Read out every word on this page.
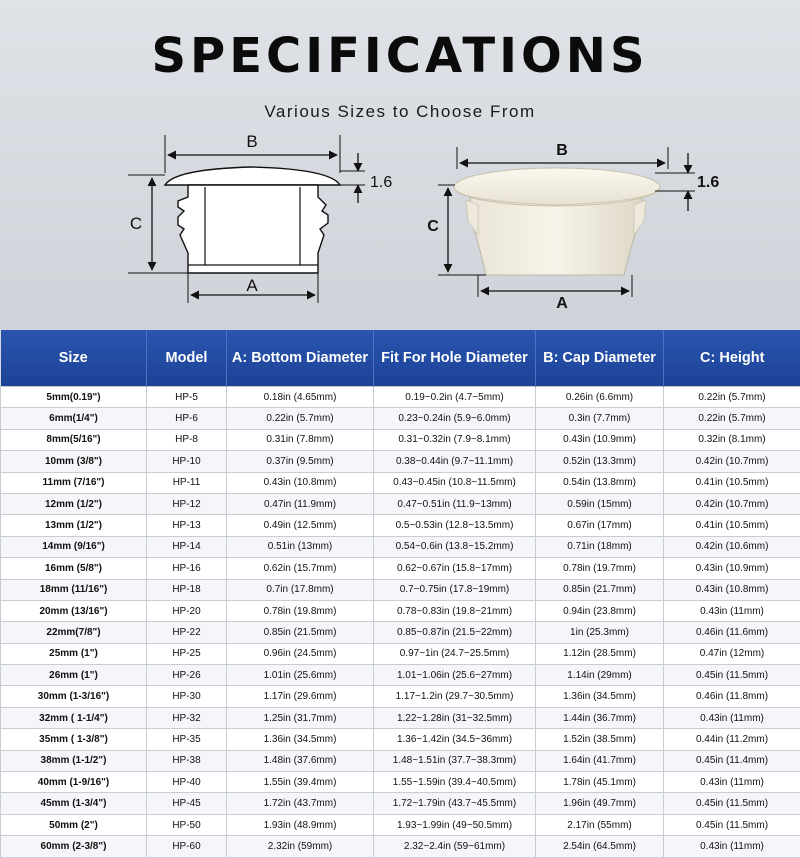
SPECIFICATIONS
Various Sizes to Choose From
B
C
A
1.6
B
C
A
1.6
Size	Model	A: Bottom Diameter	Fit For Hole Diameter	B: Cap Diameter	C: Height
5mm(0.19")	HP-5	0.18in (4.65mm)	0.19~0.2in (4.7~5mm)	0.26in (6.6mm)	0.22in (5.7mm)
6mm(1/4")	HP-6	0.22in (5.7mm)	0.23~0.24in (5.9~6.0mm)	0.3in (7.7mm)	0.22in (5.7mm)
8mm(5/16")	HP-8	0.31in (7.8mm)	0.31~0.32in (7.9~8.1mm)	0.43in (10.9mm)	0.32in (8.1mm)
10mm (3/8")	HP-10	0.37in (9.5mm)	0.38~0.44in (9.7~11.1mm)	0.52in (13.3mm)	0.42in (10.7mm)
11mm (7/16")	HP-11	0.43in (10.8mm)	0.43~0.45in (10.8~11.5mm)	0.54in (13.8mm)	0.41in (10.5mm)
12mm (1/2")	HP-12	0.47in (11.9mm)	0.47~0.51in (11.9~13mm)	0.59in (15mm)	0.42in (10.7mm)
13mm (1/2")	HP-13	0.49in (12.5mm)	0.5~0.53in (12.8~13.5mm)	0.67in (17mm)	0.41in (10.5mm)
14mm (9/16")	HP-14	0.51in (13mm)	0.54~0.6in (13.8~15.2mm)	0.71in (18mm)	0.42in (10.6mm)
16mm (5/8")	HP-16	0.62in (15.7mm)	0.62~0.67in (15.8~17mm)	0.78in (19.7mm)	0.43in (10.9mm)
18mm (11/16")	HP-18	0.7in (17.8mm)	0.7~0.75in (17.8~19mm)	0.85in (21.7mm)	0.43in (10.8mm)
20mm (13/16")	HP-20	0.78in (19.8mm)	0.78~0.83in (19.8~21mm)	0.94in (23.8mm)	0.43in (11mm)
22mm(7/8")	HP-22	0.85in (21.5mm)	0.85~0.87in (21.5~22mm)	1in (25.3mm)	0.46in (11.6mm)
25mm (1")	HP-25	0.96in (24.5mm)	0.97~1in (24.7~25.5mm)	1.12in (28.5mm)	0.47in (12mm)
26mm (1")	HP-26	1.01in (25.6mm)	1.01~1.06in (25.6~27mm)	1.14in (29mm)	0.45in (11.5mm)
30mm (1-3/16")	HP-30	1.17in (29.6mm)	1.17~1.2in (29.7~30.5mm)	1.36in (34.5mm)	0.46in (11.8mm)
32mm ( 1-1/4")	HP-32	1.25in (31.7mm)	1.22~1.28in (31~32.5mm)	1.44in (36.7mm)	0.43in (11mm)
35mm ( 1-3/8")	HP-35	1.36in (34.5mm)	1.36~1.42in (34.5~36mm)	1.52in (38.5mm)	0.44in (11.2mm)
38mm (1-1/2")	HP-38	1.48in (37.6mm)	1.48~1.51in (37.7~38.3mm)	1.64in (41.7mm)	0.45in (11.4mm)
40mm (1-9/16")	HP-40	1.55in (39.4mm)	1.55~1.59in (39.4~40.5mm)	1.78in (45.1mm)	0.43in (11mm)
45mm (1-3/4")	HP-45	1.72in (43.7mm)	1.72~1.79in (43.7~45.5mm)	1.96in (49.7mm)	0.45in (11.5mm)
50mm (2")	HP-50	1.93in (48.9mm)	1.93~1.99in (49~50.5mm)	2.17in (55mm)	0.45in (11.5mm)
60mm (2-3/8")	HP-60	2.32in (59mm)	2.32~2.4in (59~61mm)	2.54in (64.5mm)	0.43in (11mm)
